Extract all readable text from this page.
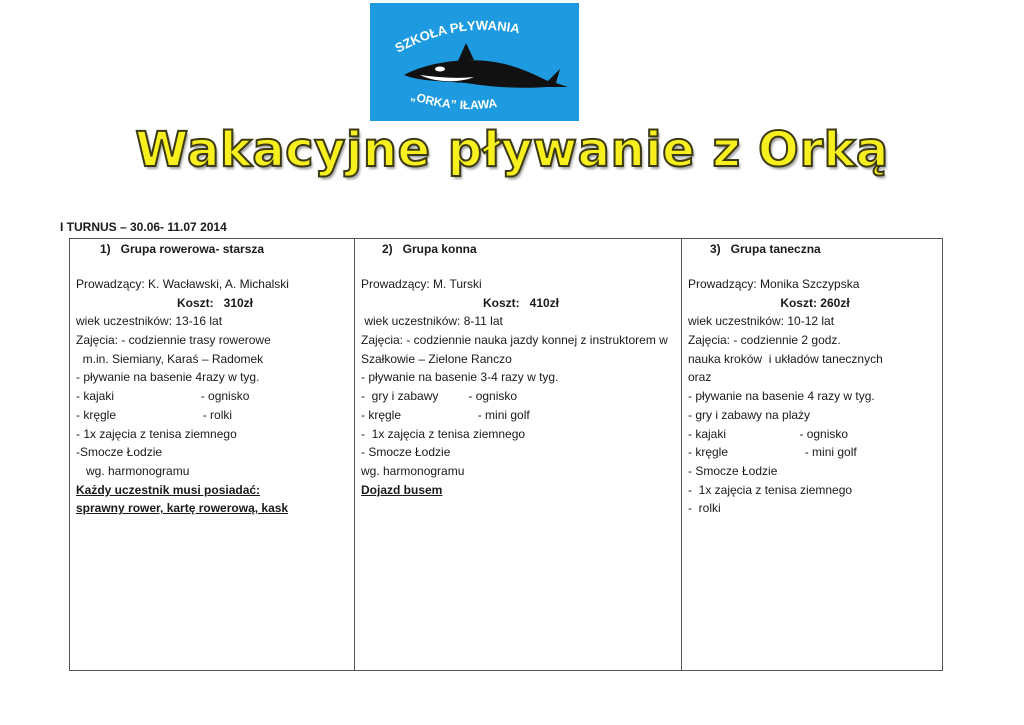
SZKOŁA PŁYWANIA
„ORKA” IŁAWA
Wakacyjne pływanie z Orką
I TURNUS – 30.06- 11.07 2014
1) Grupa rowerowa- starsza
Prowadzący: K. Wacławski, A. Michalski
Koszt:   310zł
wiek uczestników: 13-16 lat
Zajęcia: - codziennie trasy rowerowe
m.in. Siemiany, Karaś – Radomek
- pływanie na basenie 4razy w tyg.
- kajaki                          - ognisko
- kręgle                          - rolki
- 1x zajęcia z tenisa ziemnego
-Smocze Łodzie
wg. harmonogramu
Każdy uczestnik musi posiadać:
sprawny rower, kartę rowerową, kask

2) Grupa konna
Prowadzący: M. Turski
Koszt:   410zł
wiek uczestników: 8-11 lat
Zajęcia: - codziennie nauka jazdy konnej z instruktorem w
Szałkowie – Zielone Ranczo
- pływanie na basenie 3-4 razy w tyg.
-  gry i zabawy         - ognisko
- kręgle                       - mini golf
-  1x zajęcia z tenisa ziemnego
- Smocze Łodzie
wg. harmonogramu
Dojazd busem

3) Grupa taneczna
Prowadzący: Monika Szczypska
Koszt: 260zł
wiek uczestników: 10-12 lat
Zajęcia: - codziennie 2 godz.
nauka kroków  i układów tanecznych
oraz
- pływanie na basenie 4 razy w tyg.
- gry i zabawy na plaży
- kajaki                      - ognisko
- kręgle                       - mini golf
- Smocze Łodzie
-  1x zajęcia z tenisa ziemnego
-  rolki
